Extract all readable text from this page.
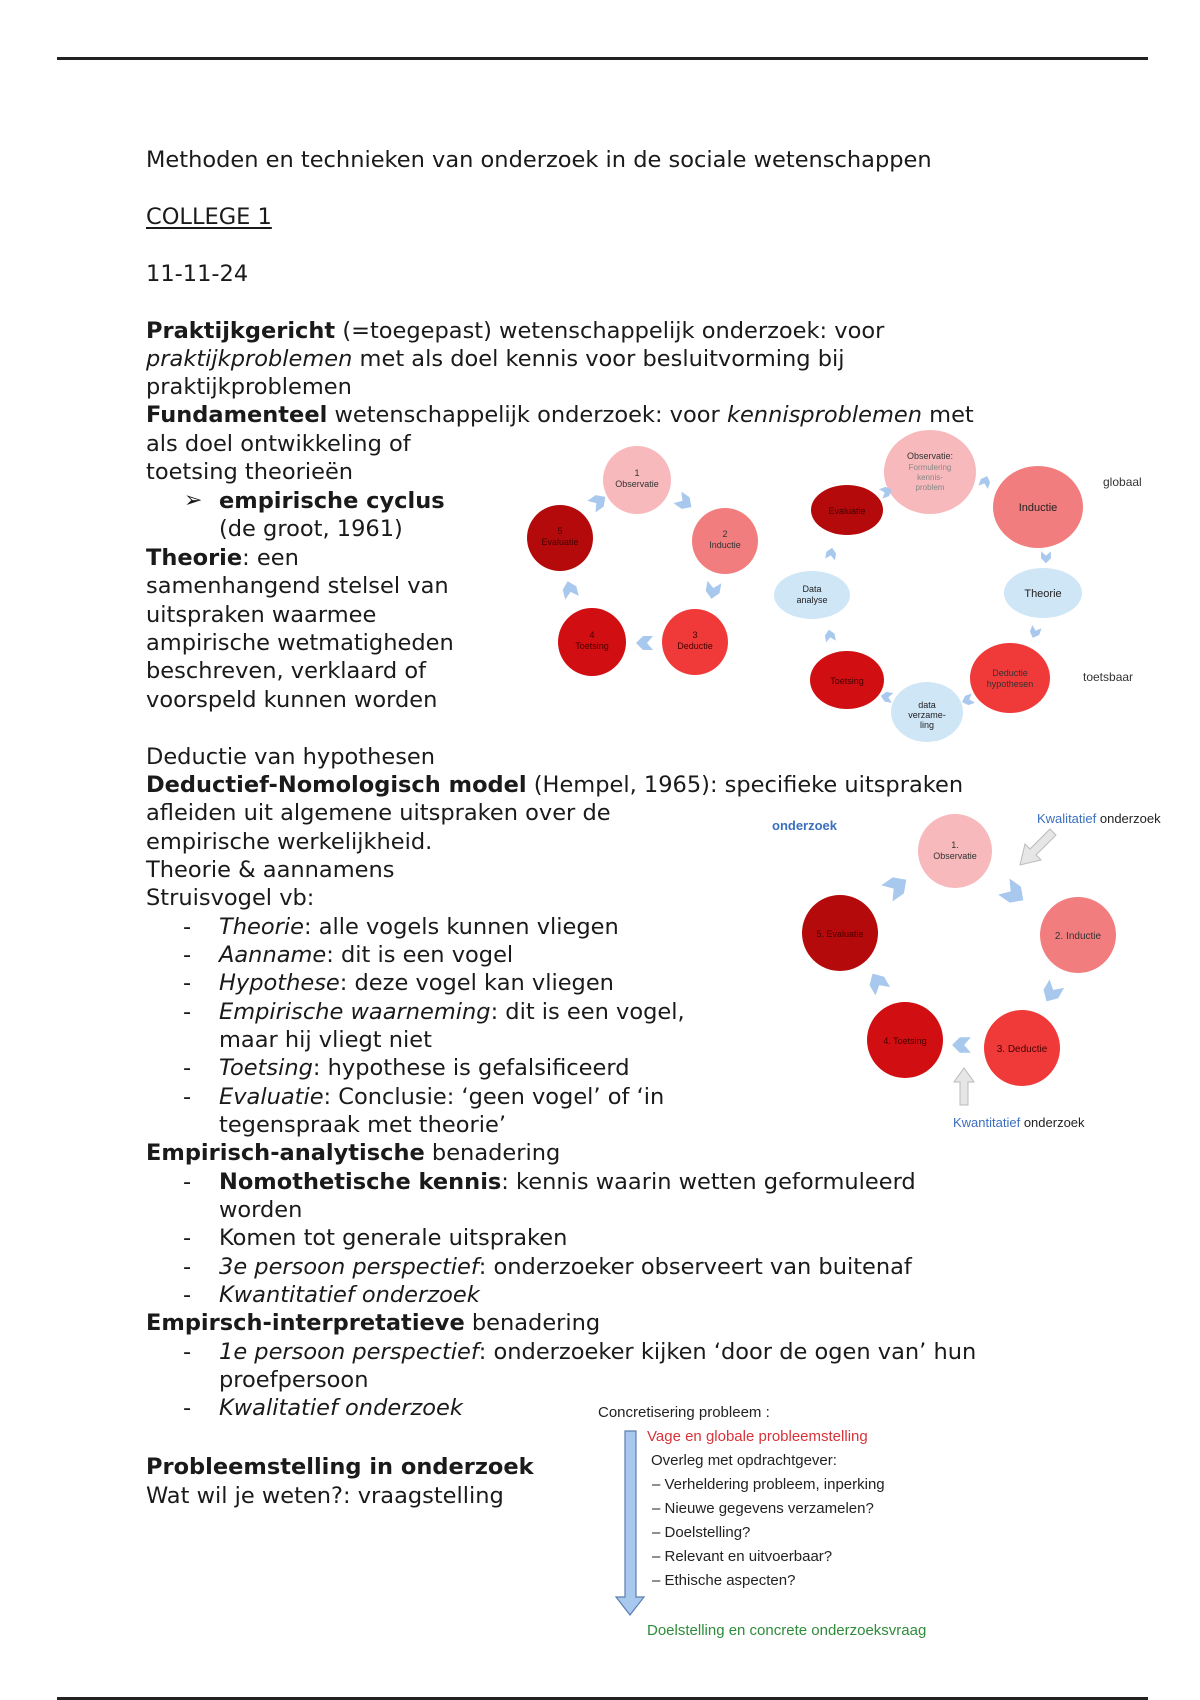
Methoden en technieken van onderzoek in de sociale wetenschappen
COLLEGE 1
11-11-24
Praktijkgericht (=toegepast) wetenschappelijk onderzoek: voor
praktijkproblemen met als doel kennis voor besluitvorming bij
praktijkproblemen
Fundamenteel wetenschappelijk onderzoek: voor kennisproblemen met
als doel ontwikkeling of
toetsing theorieën
➢ empirische cyclus
(de groot, 1961)
Theorie: een
samenhangend stelsel van
uitspraken waarmee
ampirische wetmatigheden
beschreven, verklaard of
voorspeld kunnen worden
Deductie van hypothesen
Deductief-Nomologisch model (Hempel, 1965): specifieke uitspraken
afleiden uit algemene uitspraken over de
empirische werkelijkheid.
Theorie & aannamens
Struisvogel vb:
- Theorie: alle vogels kunnen vliegen
- Aanname: dit is een vogel
- Hypothese: deze vogel kan vliegen
- Empirische waarneming: dit is een vogel,
maar hij vliegt niet
- Toetsing: hypothese is gefalsificeerd
- Evaluatie: Conclusie: ‘geen vogel’ of ‘in
tegenspraak met theorie’
Empirisch-analytische benadering
- Nomothetische kennis: kennis waarin wetten geformuleerd
worden
- Komen tot generale uitspraken
- 3e persoon perspectief: onderzoeker observeert van buitenaf
- Kwantitatief onderzoek
Empirsch-interpretatieve benadering
- 1e persoon perspectief: onderzoeker kijken ‘door de ogen van’ hun
proefpersoon
- Kwalitatief onderzoek
Probleemstelling in onderzoek
Wat wil je weten?: vraagstelling
1
Observatie
2
Inductie
3
Deductie
4
Toetsing
5
Evaluatie
Observatie:
Formulering
kennis-
problem
Inductie
Theorie
Deductie
hypothesen
data
verzame-
ling
Toetsing
Data
analyse
Evaluatie
globaal
toetsbaar
1.
Observatie
2. Inductie
3. Deductie
4. Toetsing
5. Evaluatie
onderzoek	Kwalitatief onderzoek
Kwantitatief onderzoek
Concretisering probleem :
Vage en globale probleemstelling
Overleg met opdrachtgever:
– Verheldering probleem, inperking
– Nieuwe gegevens verzamelen?
– Doelstelling?
– Relevant en uitvoerbaar?
– Ethische aspecten?
Doelstelling en concrete onderzoeksvraag
